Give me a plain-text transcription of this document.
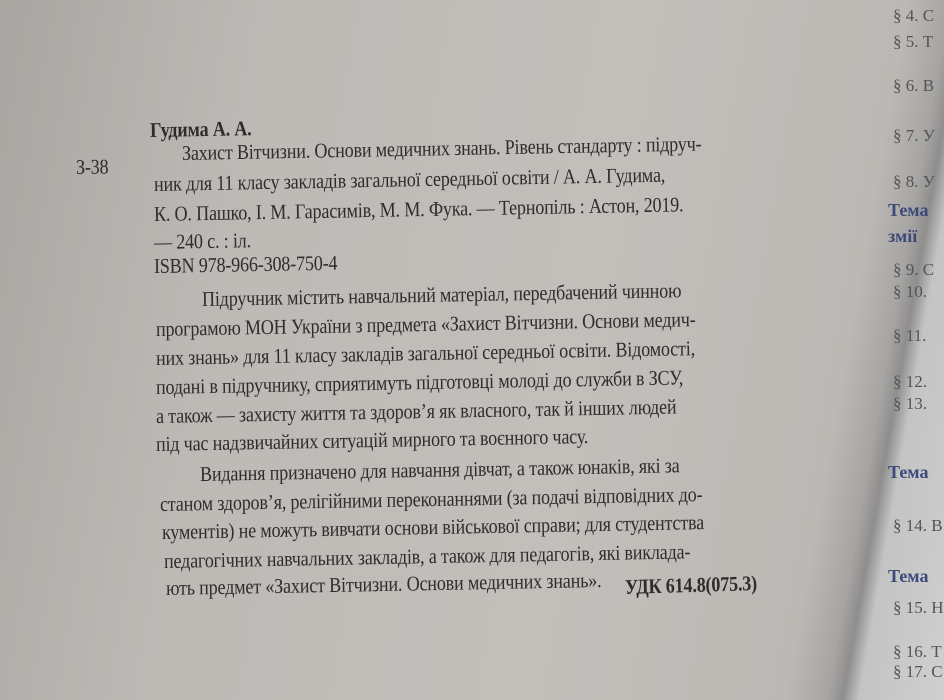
Гудима А. А.
З-38
Захист Вітчизни. Основи медичних знань. Рівень стандарту : підруч-
ник для 11 класу закладів загальної середньої освіти / А. А. Гудима,
К. О. Пашко, І. М. Гарасимів, М. М. Фука. — Тернопіль : Астон, 2019.
— 240 с. : іл.
ISBN 978-966-308-750-4
Підручник містить навчальний матеріал, передбачений чинною
програмою МОН України з предмета «Захист Вітчизни. Основи медич-
них знань» для 11 класу закладів загальної середньої освіти. Відомості,
подані в підручнику, сприятимуть підготовці молоді до служби в ЗСУ,
а також — захисту життя та здоров’я як власного, так й інших людей
під час надзвичайних ситуацій мирного та воєнного часу.
Видання призначено для навчання дівчат, а також юнаків, які за
станом здоров’я, релігійними переконаннями (за подачі відповідних до-
кументів) не можуть вивчати основи військової справи; для студентства
педагогічних навчальних закладів, а також для педагогів, які виклада-
ють предмет «Захист Вітчизни. Основи медичних знань». УДК 614.8(075.3)
§ 4. С
§ 5. Т
§ 6. В
§ 7. У
§ 8. У
Тема
змії
§ 9. С
§ 10.
§ 11.
§ 12.
§ 13.
Тема
§ 14. В
Тема
§ 15. Н
§ 16. Т
§ 17. С
